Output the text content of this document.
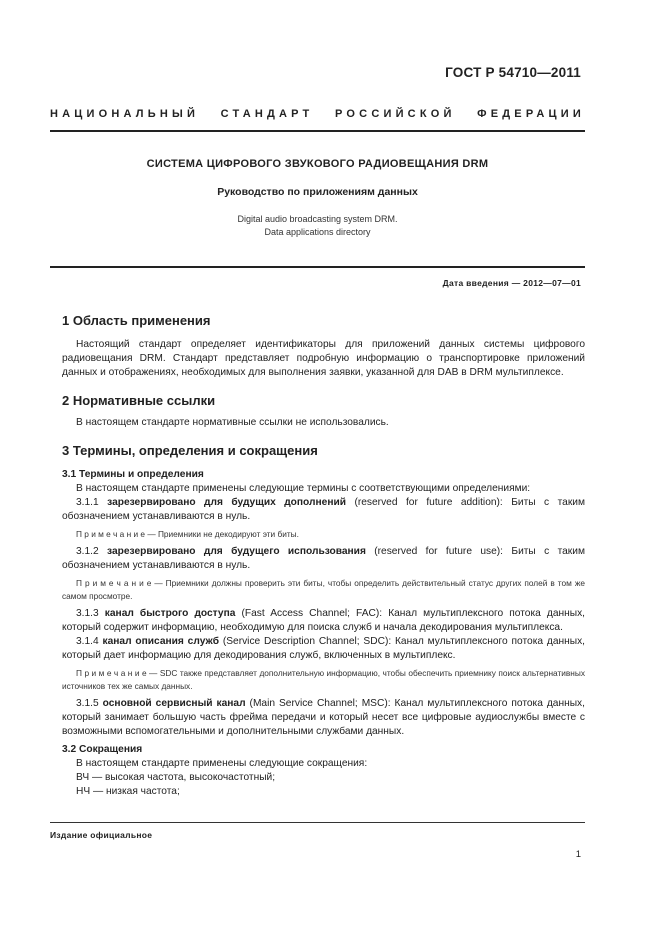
ГОСТ Р 54710—2011
НАЦИОНАЛЬНЫЙ СТАНДАРТ РОССИЙСКОЙ ФЕДЕРАЦИИ
СИСТЕМА ЦИФРОВОГО ЗВУКОВОГО РАДИОВЕЩАНИЯ DRM
Руководство по приложениям данных
Digital audio broadcasting system DRM.
Data applications directory
Дата введения — 2012—07—01
1 Область применения

Настоящий стандарт определяет идентификаторы для приложений данных системы цифрового радиовещания DRM. Стандарт представляет подробную информацию о транспортировке приложений данных и отображениях, необходимых для выполнения заявки, указанной для DAB в DRM мультиплексе.

2 Нормативные ссылки

В настоящем стандарте нормативные ссылки не использовались.

3 Термины, определения и сокращения
3.1 Термины и определения

В настоящем стандарте применены следующие термины с соответствующими определениями:

3.1.1 зарезервировано для будущих дополнений (reserved for future addition): Биты с таким обозначением устанавливаются в нуль.

П р и м е ч а н и е — Приемники не декодируют эти биты.

3.1.2 зарезервировано для будущего использования (reserved for future use): Биты с таким обозначением устанавливаются в нуль.

П р и м е ч а н и е — Приемники должны проверить эти биты, чтобы определить действительный статус других полей в том же самом просмотре.

3.1.3 канал быстрого доступа (Fast Access Channel; FAC): Канал мультиплексного потока данных, который содержит информацию, необходимую для поиска служб и начала декодирования мультиплекса.

3.1.4 канал описания служб (Service Description Channel; SDC): Канал мультиплексного потока данных, который дает информацию для декодирования служб, включенных в мультиплекс.

П р и м е ч а н и е — SDC также представляет дополнительную информацию, чтобы обеспечить приемнику поиск альтернативных источников тех же самых данных.

3.1.5 основной сервисный канал (Main Service Channel; MSC): Канал мультиплексного потока данных, который занимает большую часть фрейма передачи и который несет все цифровые аудиослужбы вместе с возможными вспомогательными и дополнительными службами данных.

3.2 Сокращения

В настоящем стандарте применены следующие сокращения:

ВЧ — высокая частота, высокочастотный;

НЧ — низкая частота;

Издание официальное
1
